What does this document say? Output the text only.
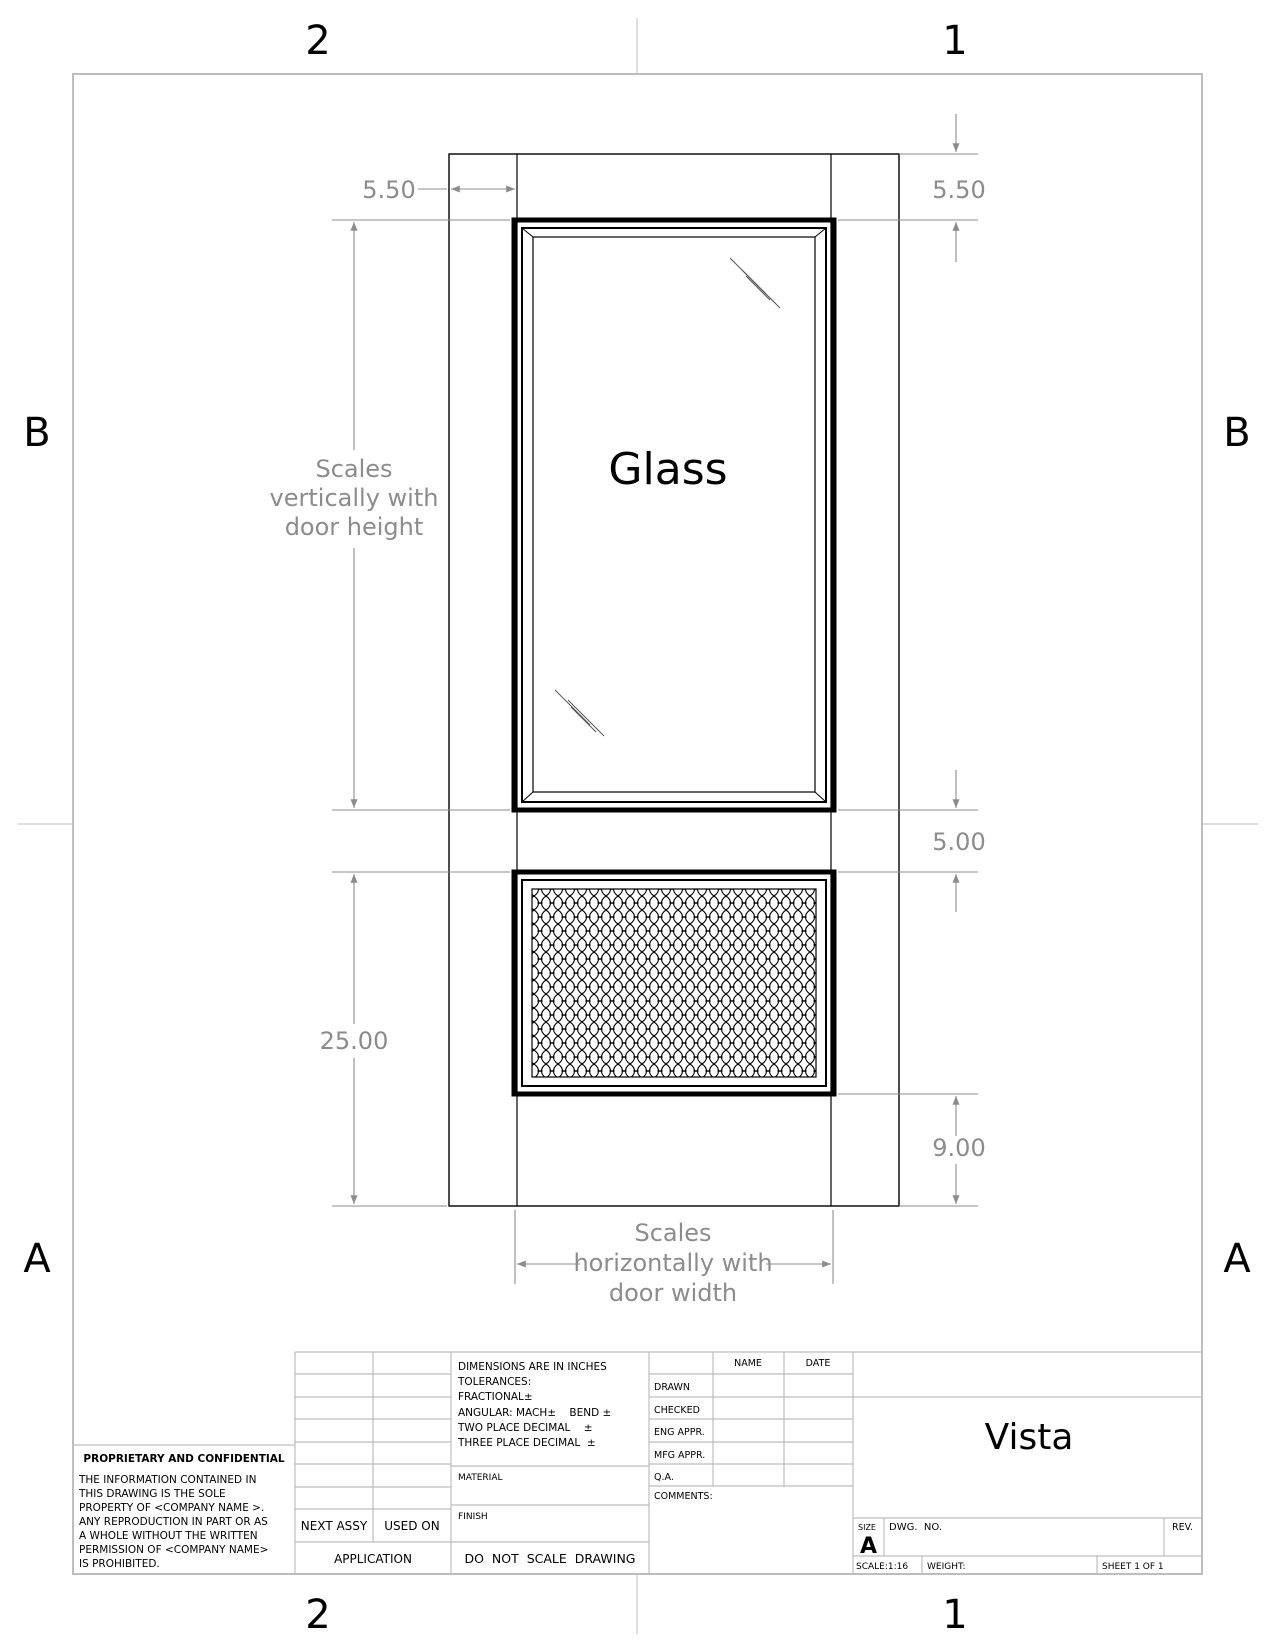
2	1
2	1
B	B
A	A
Glass
5.50	5.50
5.00
25.00
9.00
Scales
vertically with
door height
Scales
horizontally with
door width
PROPRIETARY AND CONFIDENTIAL
THE INFORMATION CONTAINED IN
THIS DRAWING IS THE SOLE
PROPERTY OF <COMPANY NAME >.
ANY REPRODUCTION IN PART OR AS
A WHOLE WITHOUT THE WRITTEN
PERMISSION OF <COMPANY NAME>
IS PROHIBITED.
NEXT ASSY USED ON
APPLICATION
DIMENSIONS ARE IN INCHES
TOLERANCES:
FRACTIONAL±
ANGULAR: MACH±    BEND ±
TWO PLACE DECIMAL    ±
THREE PLACE DECIMAL  ±
MATERIAL
FINISH
DO  NOT  SCALE  DRAWING
NAME	DATE
DRAWN
CHECKED
ENG APPR.
MFG APPR.
Q.A.
COMMENTS:
Vista
SIZE
A
DWG.  NO.	REV.
SCALE:1:16 WEIGHT:	SHEET 1 OF 1
